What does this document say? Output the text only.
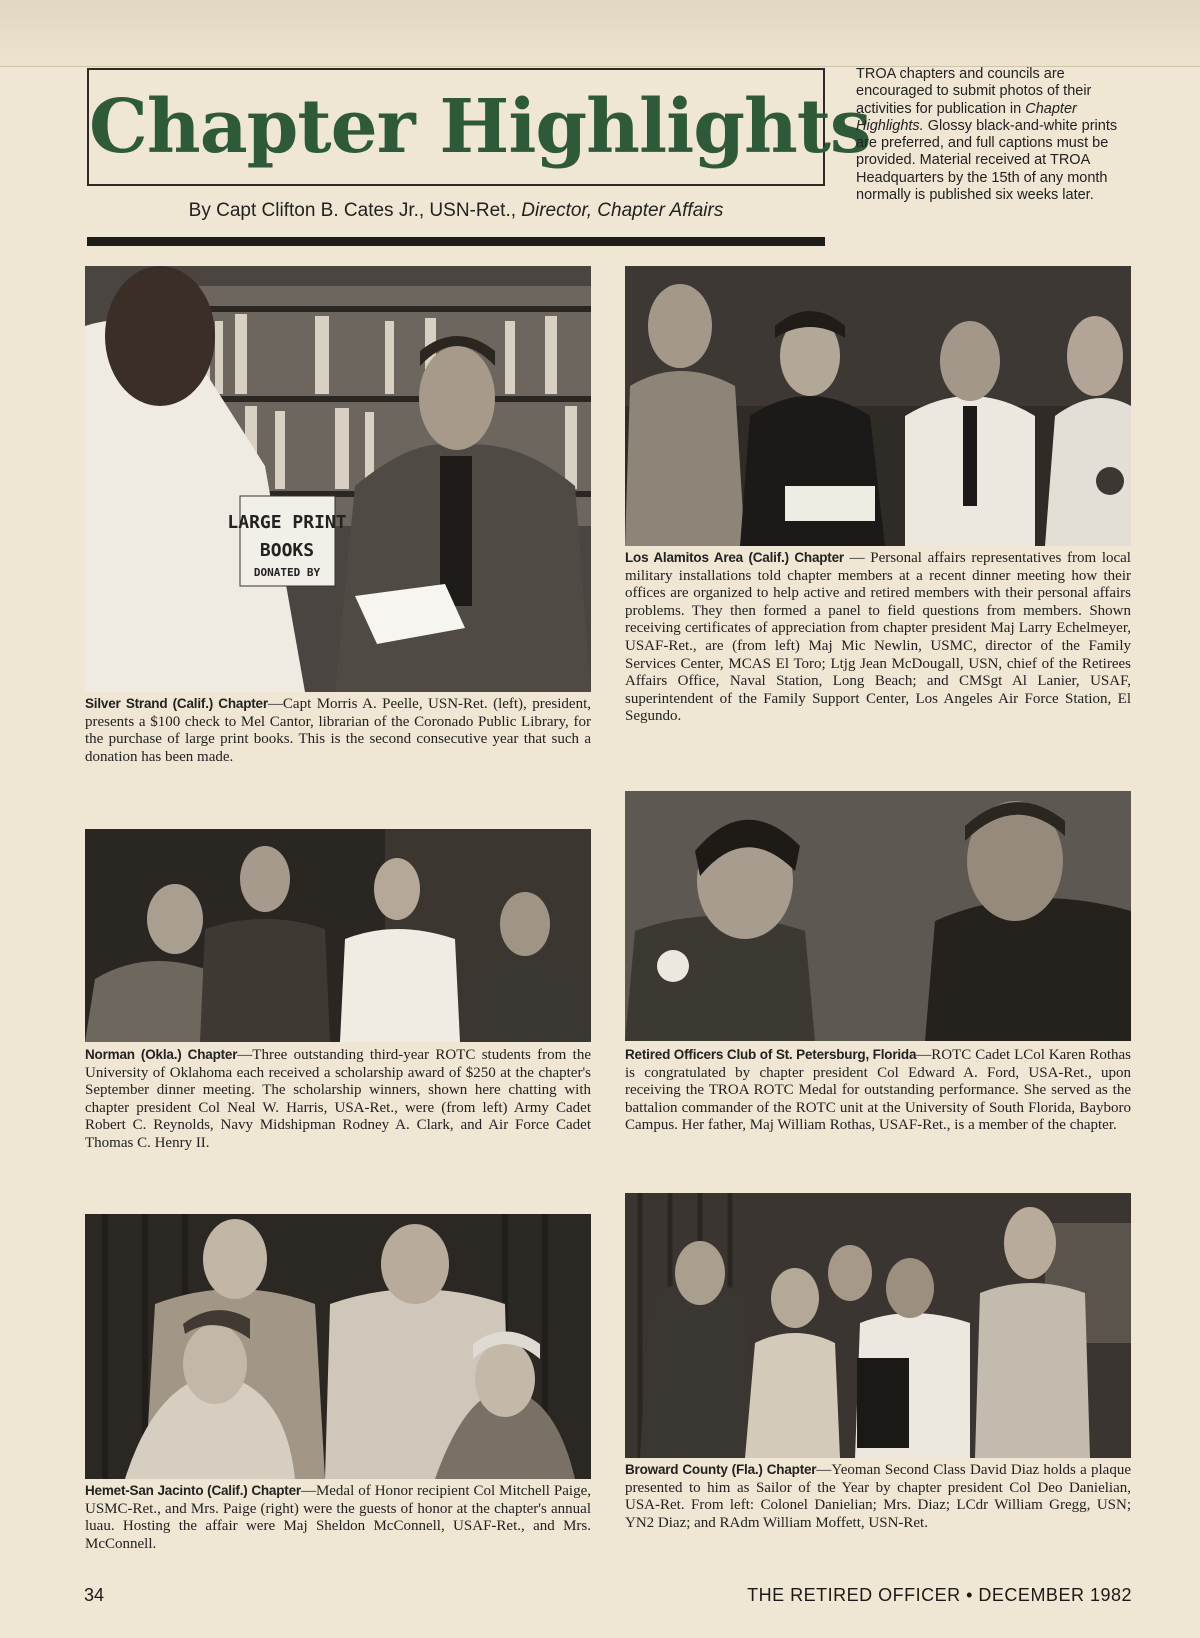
Chapter Highlights
By Capt Clifton B. Cates Jr., USN-Ret., Director, Chapter Affairs
TROA chapters and councils are encouraged to submit photos of their activities for publication in Chapter Highlights. Glossy black-and-white prints are preferred, and full captions must be provided. Material received at TROA Headquarters by the 15th of any month normally is published six weeks later.
LARGE PRINT
BOOKS
DONATED BY
Silver Strand (Calif.) Chapter—Capt Morris A. Peelle, USN-Ret. (left), president, presents a $100 check to Mel Cantor, librarian of the Coronado Public Library, for the purchase of large print books. This is the second consecutive year that such a donation has been made.
Los Alamitos Area (Calif.) Chapter — Personal affairs representatives from local military installations told chapter members at a recent dinner meeting how their offices are organized to help active and retired members with their personal affairs problems. They then formed a panel to field questions from members. Shown receiving certificates of appreciation from chapter president Maj Larry Echelmeyer, USAF-Ret., are (from left) Maj Mic Newlin, USMC, director of the Family Services Center, MCAS El Toro; Ltjg Jean McDougall, USN, chief of the Retirees Affairs Office, Naval Station, Long Beach; and CMSgt Al Lanier, USAF, superintendent of the Family Support Center, Los Angeles Air Force Station, El Segundo.
Norman (Okla.) Chapter—Three outstanding third-year ROTC students from the University of Oklahoma each received a scholarship award of $250 at the chapter's September dinner meeting. The scholarship winners, shown here chatting with chapter president Col Neal W. Harris, USA-Ret., were (from left) Army Cadet Robert C. Reynolds, Navy Midshipman Rodney A. Clark, and Air Force Cadet Thomas C. Henry II.
Retired Officers Club of St. Petersburg, Florida—ROTC Cadet LCol Karen Rothas is congratulated by chapter president Col Edward A. Ford, USA-Ret., upon receiving the TROA ROTC Medal for outstanding performance. She served as the battalion commander of the ROTC unit at the University of South Florida, Bayboro Campus. Her father, Maj William Rothas, USAF-Ret., is a member of the chapter.
Hemet-San Jacinto (Calif.) Chapter—Medal of Honor recipient Col Mitchell Paige, USMC-Ret., and Mrs. Paige (right) were the guests of honor at the chapter's annual luau. Hosting the affair were Maj Sheldon McConnell, USAF-Ret., and Mrs. McConnell.
Broward County (Fla.) Chapter—Yeoman Second Class David Diaz holds a plaque presented to him as Sailor of the Year by chapter president Col Deo Danielian, USA-Ret. From left: Colonel Danielian; Mrs. Diaz; LCdr William Gregg, USN; YN2 Diaz; and RAdm William Moffett, USN-Ret.
34	THE RETIRED OFFICER • DECEMBER 1982
